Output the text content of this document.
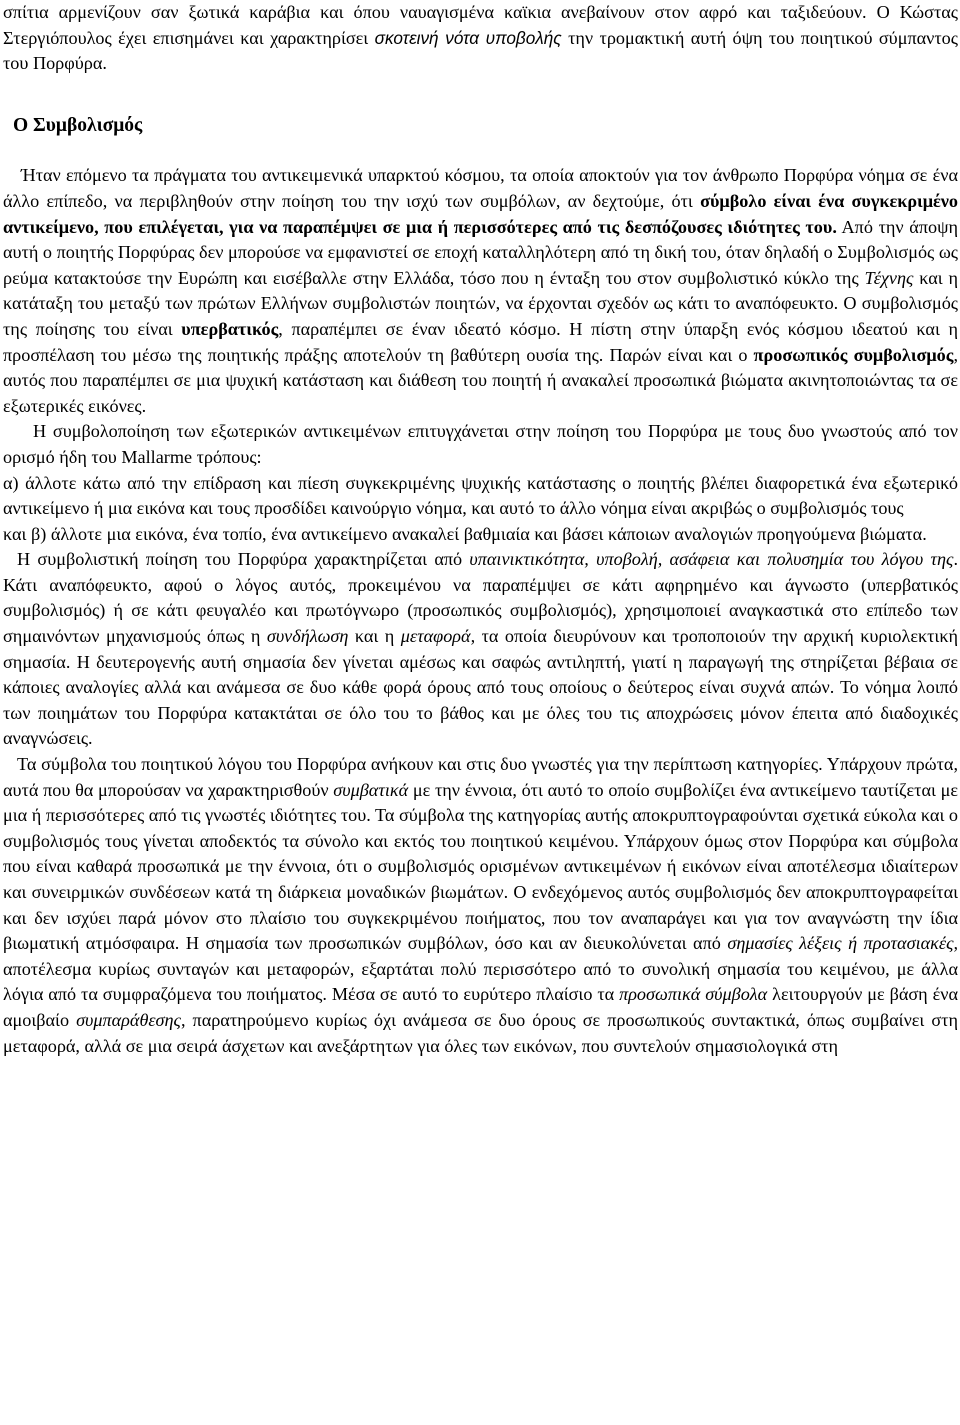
σπίτια αρμενίζουν σαν ξωτικά καράβια και όπου ναυαγισμένα καϊκια ανεβαίνουν στον αφρό και ταξιδεύουν. Ο Κώστας Στεργιόπουλος έχει επισημάνει και χαρακτηρίσει σκοτεινή νότα υποβολής την τρομακτική αυτή όψη του ποιητικού σύμπαντος του Πορφύρα.

Ο Συμβολισμός

Ήταν επόμενο τα πράγματα του αντικειμενικά υπαρκτού κόσμου, τα οποία αποκτούν για τον άνθρωπο Πορφύρα νόημα σε ένα άλλο επίπεδο, να περιβληθούν στην ποίηση του την ισχύ των συμβόλων, αν δεχτούμε, ότι σύμβολο είναι ένα συγκεκριμένο αντικείμενο, που επιλέγεται, για να παραπέμψει σε μια ή περισσότερες από τις δεσπόζουσες ιδιότητες του. Από την άποψη αυτή ο ποιητής Πορφύρας δεν μπορούσε να εμφανιστεί σε εποχή καταλληλότερη από τη δική του, όταν δηλαδή ο Συμβολισμός ως ρεύμα κατακτούσε την Ευρώπη και εισέβαλλε στην Ελλάδα, τόσο που η ένταξη του στον συμβολιστικό κύκλο της Τέχνης και η κατάταξη του μεταξύ των πρώτων Ελλήνων συμβολιστών ποιητών, να έρχονται σχεδόν ως κάτι το αναπόφευκτο. Ο συμβολισμός της ποίησης του είναι υπερβατικός, παραπέμπει σε έναν ιδεατό κόσμο. Η πίστη στην ύπαρξη ενός κόσμου ιδεατού και η προσπέλαση του μέσω της ποιητικής πράξης αποτελούν τη βαθύτερη ουσία της. Παρών είναι και ο προσωπικός συμβολισμός, αυτός που παραπέμπει σε μια ψυχική κατάσταση και διάθεση του ποιητή ή ανακαλεί προσωπικά βιώματα ακινητοποιώντας τα σε εξωτερικές εικόνες.

Η συμβολοποίηση των εξωτερικών αντικειμένων επιτυγχάνεται στην ποίηση του Πορφύρα με τους δυο γνωστούς από τον ορισμό ήδη του Mallarme τρόπους:

α) άλλοτε κάτω από την επίδραση και πίεση συγκεκριμένης ψυχικής κατάστασης ο ποιητής βλέπει διαφορετικά ένα εξωτερικό αντικείμενο ή μια εικόνα και τους προσδίδει καινούργιο νόημα, και αυτό το άλλο νόημα είναι ακριβώς ο συμβολισμός τους

και β) άλλοτε μια εικόνα, ένα τοπίο, ένα αντικείμενο ανακαλεί βαθμιαία και βάσει κάποιων αναλογιών προηγούμενα βιώματα.

Η συμβολιστική ποίηση του Πορφύρα χαρακτηρίζεται από υπαινικτικότητα, υποβολή, ασάφεια και πολυσημία του λόγου της. Κάτι αναπόφευκτο, αφού ο λόγος αυτός, προκειμένου να παραπέμψει σε κάτι αφηρημένο και άγνωστο (υπερβατικός συμβολισμός) ή σε κάτι φευγαλέο και πρωτόγνωρο (προσωπικός συμβολισμός), χρησιμοποιεί αναγκαστικά στο επίπεδο των σημαινόντων μηχανισμούς όπως η συνδήλωση και η μεταφορά, τα οποία διευρύνουν και τροποποιούν την αρχική κυριολεκτική σημασία. Η δευτερογενής αυτή σημασία δεν γίνεται αμέσως και σαφώς αντιληπτή, γιατί η παραγωγή της στηρίζεται βέβαια σε κάποιες αναλογίες αλλά και ανάμεσα σε δυο κάθε φορά όρους από τους οποίους ο δεύτερος είναι συχνά απών. Το νόημα λοιπό των ποιημάτων του Πορφύρα κατακτάται σε όλο του το βάθος και με όλες του τις αποχρώσεις μόνον έπειτα από διαδοχικές αναγνώσεις.

Τα σύμβολα του ποιητικού λόγου του Πορφύρα ανήκουν και στις δυο γνωστές για την περίπτωση κατηγορίες. Υπάρχουν πρώτα, αυτά που θα μπορούσαν να χαρακτηρισθούν συμβατικά με την έννοια, ότι αυτό το οποίο συμβολίζει ένα αντικείμενο ταυτίζεται με μια ή περισσότερες από τις γνωστές ιδιότητες του. Τα σύμβολα της κατηγορίας αυτής αποκρυπτογραφούνται σχετικά εύκολα και ο συμβολισμός τους γίνεται αποδεκτός τα σύνολο και εκτός του ποιητικού κειμένου. Υπάρχουν όμως στον Πορφύρα και σύμβολα που είναι καθαρά προσωπικά με την έννοια, ότι ο συμβολισμός ορισμένων αντικειμένων ή εικόνων είναι αποτέλεσμα ιδιαίτερων και συνειρμικών συνδέσεων κατά τη διάρκεια μοναδικών βιωμάτων. Ο ενδεχόμενος αυτός συμβολισμός δεν αποκρυπτογραφείται και δεν ισχύει παρά μόνον στο πλαίσιο του συγκεκριμένου ποιήματος, που τον αναπαράγει και για τον αναγνώστη την ίδια βιωματική ατμόσφαιρα. Η σημασία των προσωπικών συμβόλων, όσο και αν διευκολύνεται από σημασίες λέξεις ή προτασιακές, αποτέλεσμα κυρίως συνταγών και μεταφορών, εξαρτάται πολύ περισσότερο από το συνολική σημασία του κειμένου, με άλλα λόγια από τα συμφραζόμενα του ποιήματος. Μέσα σε αυτό το ευρύτερο πλαίσιο τα προσωπικά σύμβολα λειτουργούν με βάση ένα αμοιβαίο συμπαράθεσης, παρατηρούμενο κυρίως όχι ανάμεσα σε δυο όρους σε προσωπικούς συντακτικά, όπως συμβαίνει στη μεταφορά, αλλά σε μια σειρά άσχετων και ανεξάρτητων για όλες των εικόνων, που συντελούν σημασιολογικά στη
